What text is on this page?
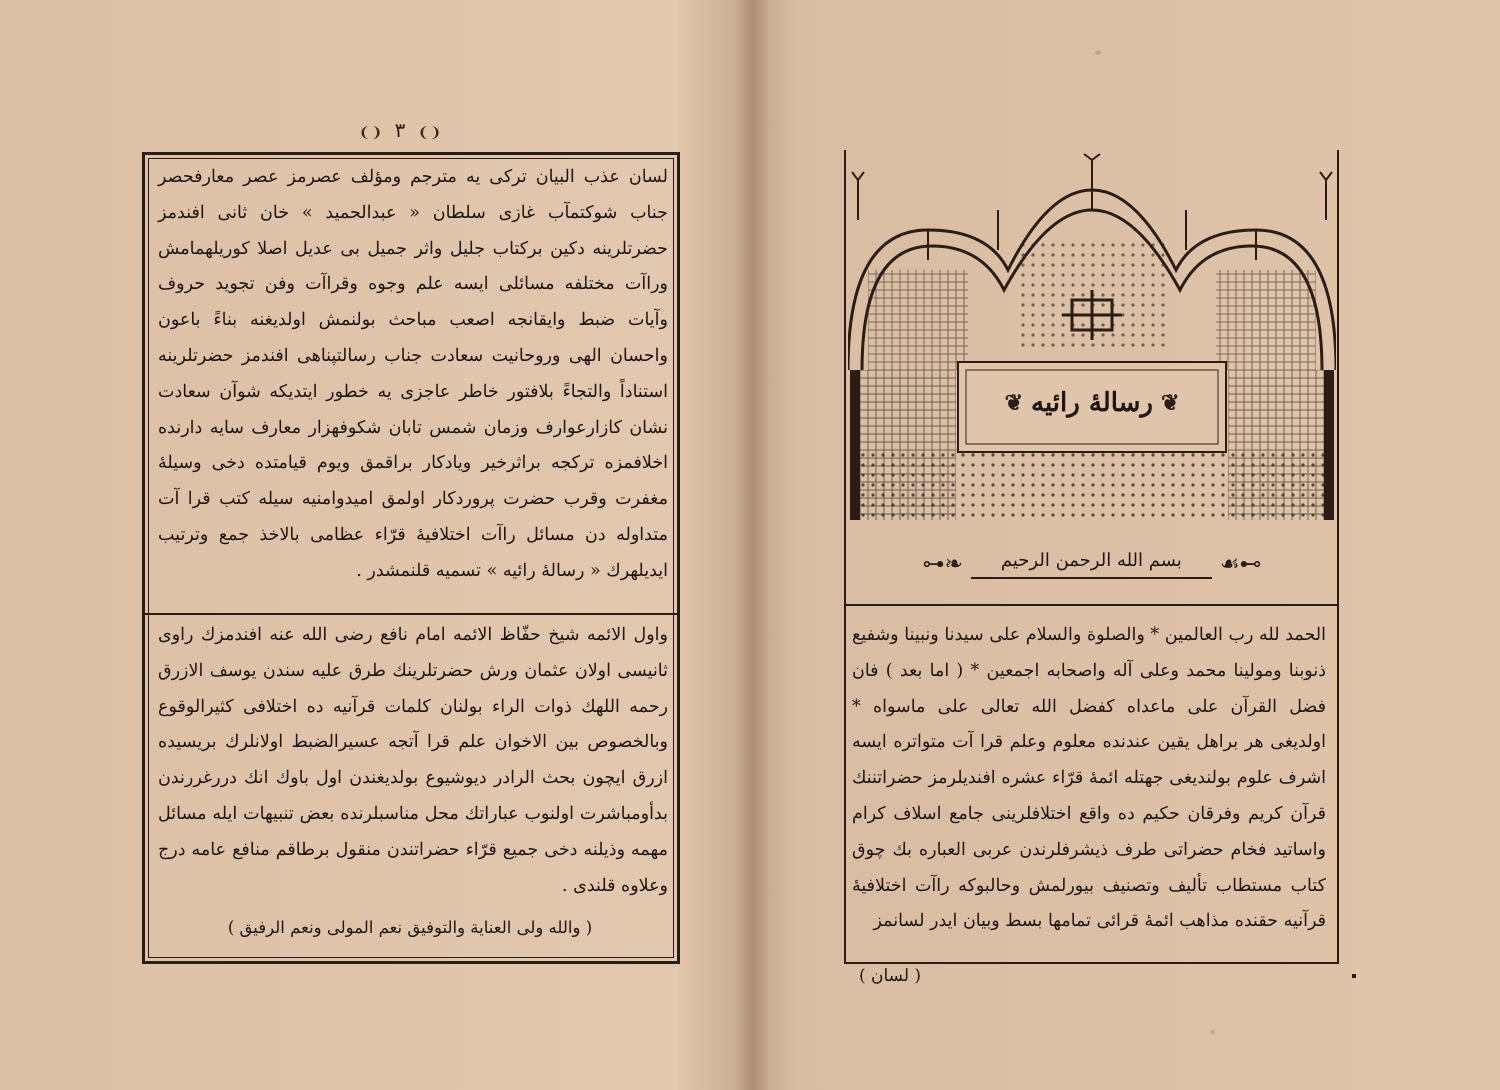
❨❩ ٣ ❨❩
لسان عذب البيان تركى يه مترجم ومؤلف عصرمز عصر معارفحصر جناب شوكتمآب غازى سلطان « عبدالحميد » خان ثانى افندمز حضرتلرينه دكين بركتاب جليل واثر جميل بى عديل اصلا كوريلهمامش وراآت مختلفه مسائلى ايسه علم وجوه وقراآت وفن تجويد حروف وآيات ضبط وايقانجه اصعب مباحث بولنمش اولديغنه بناءً باعون واحسان الهى وروحانيت سعادت جناب رسالتپناهى افندمز حضرتلرينه استناداً والتجاءً بلافتور خاطر عاجزى يه خطور ايتديكه شوآن سعادت نشان كازارعوارف وزمان شمس تابان شكوفهزار معارف سايه دارنده اخلافمزه تركجه براثرخير ويادكار براقمق ويوم قيامتده دخى وسيلهٔ مغفرت وقرب حضرت پروردكار اولمق اميدوامنيه سيله كتب قرا آت متداوله دن مسائل راآت اختلافيهٔ قرّاء عظامى بالاخذ جمع وترتيب ايديلهرك « رسالهٔ رائيه » تسميه قلنمشدر .
واول الائمه شيخ حفّاظ الائمه امام نافع رضى الله عنه افندمزك راوى ثانيسى اولان عثمان ورش حضرتلرينك طرق عليه سندن يوسف الازرق رحمه اللهك ذوات الراء بولنان كلمات قرآنيه ده اختلافى كثيرالوقوع وبالخصوص بين الاخوان علم قرا آتجه عسيرالضبط اولانلرك بريسيده ازرق ايچون بحث الرادر ديوشيوع بولديغندن اول باوك انك دررغررندن بدأومباشرت اولنوب عباراتك محل مناسبلرنده بعض تنبيهات ايله مسائل مهمه وذيلنه دخى جميع قرّاء حضراتندن منقول برطاقم منافع عامه درج وعلاوه قلندى .
( والله ولى العناية والتوفيق نعم المولى ونعم الرفيق )
❦
رسالهٔ رائيه
❦
⊶❧	بسم الله الرحمن الرحيم	☙⊷
الحمد لله رب العالمين * والصلوة والسلام على سيدنا ونبينا وشفيع ذنوبنا ومولينا محمد وعلى آله واصحابه اجمعين * ( اما بعد ) فان فضل القرآن على ماعداه كفضل الله تعالى على ماسواه * اولديغى هر براهل يقين عندنده معلوم وعلم قرا آت متواتره ايسه اشرف علوم بولنديغى جهتله ائمهٔ قرّاء عشره افنديلرمز حضراتننك قرآن كريم وفرقان حكيم ده واقع اختلافلرينى جامع اسلاف كرام واساتيد فخام حضراتى طرف ذيشرفلرندن عربى العباره بك چوق كتاب مستطاب تأليف وتصنيف بيورلمش وحالبوكه راآت اختلافيهٔ قرآنيه حقنده مذاهب ائمهٔ قرائى تمامها بسط وبيان ايدر لسانمز
( لسان )
